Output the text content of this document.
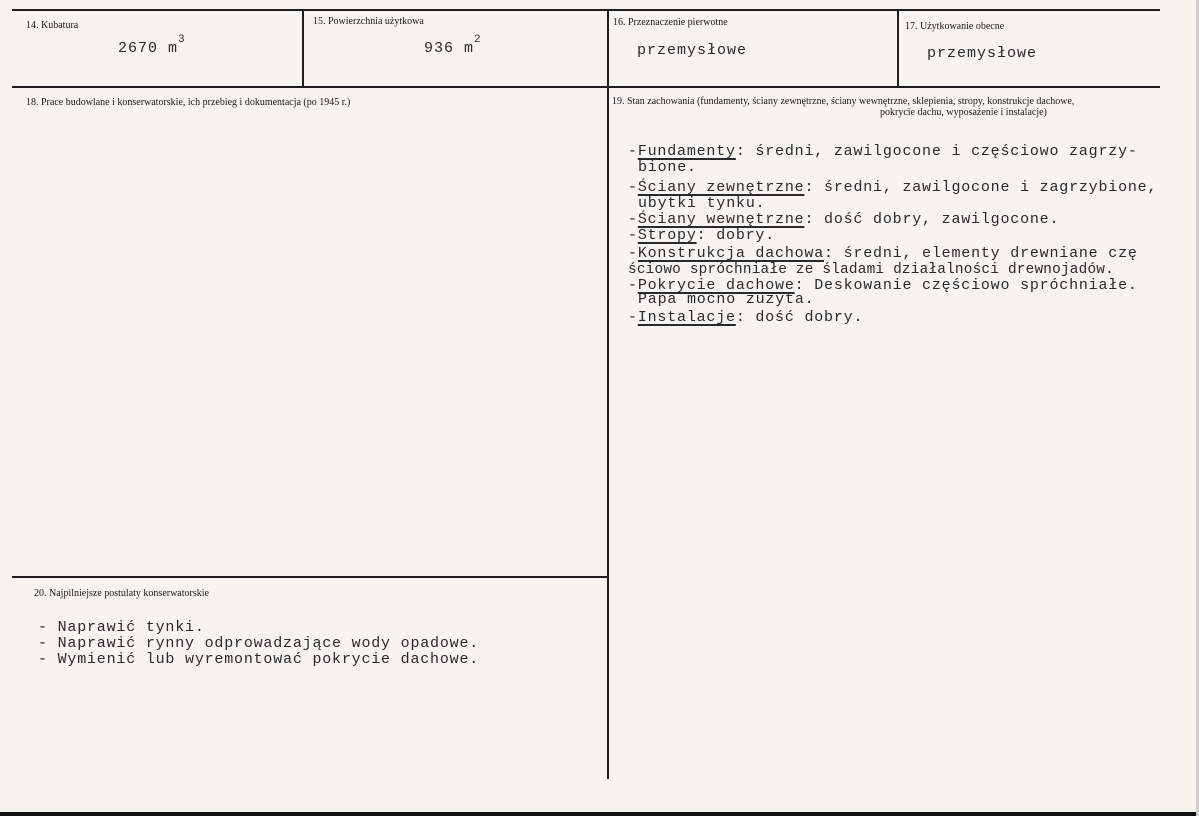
14. Kubatura
2670 $m^3$
15. Powierzchnia użytkowa
936 $m^2$
16. Przeznaczenie pierwotne
przemysłowe
17. Użytkowanie obecne
przemysłowe
18. Prace budowlane i konserwatorskie, ich przebieg i dokumentacja (po 1945 r.)	19. Stan zachowania (fundamenty, ściany zewnętrzne, ściany wewnętrzne, sklepienia, stropy, konstrukcje dachowe,
pokrycie dachu, wyposażenie i instalacje)
-Fundamenty: średni, zawilgocone i częściowo zagrzy-
bione.
-Ściany zewnętrzne: średni, zawilgocone i zagrzybione,
ubytki tynku.
-Ściany wewnętrzne: dość dobry, zawilgocone.
-Stropy: dobry.
-Konstrukcja dachowa: średni, elementy drewniane czę
ściowo spróchniałe ze śladami działalności drewnojadów.
-Pokrycie dachowe: Deskowanie częściowo spróchniałe.
Papa mocno zużyta.
-Instalacje: dość dobry.
20. Najpilniejsze postulaty konserwatorskie
- Naprawić tynki.
- Naprawić rynny odprowadzające wody opadowe.
- Wymienić lub wyremontować pokrycie dachowe.
